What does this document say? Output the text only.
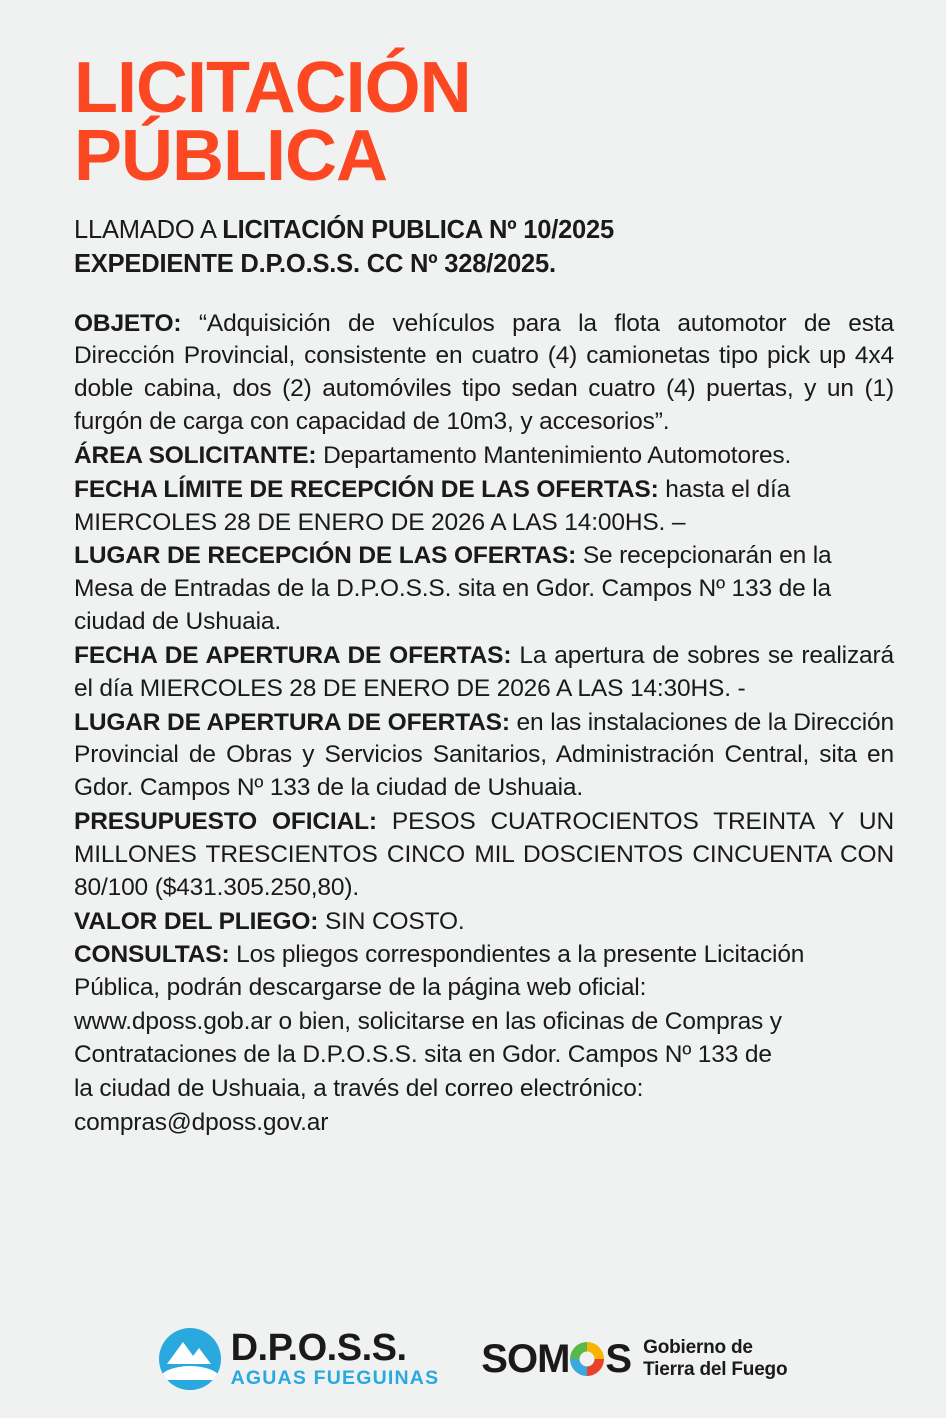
LICITACIÓN
PÚBLICA
LLAMADO A LICITACIÓN PUBLICA Nº 10/2025
EXPEDIENTE D.P.O.S.S. CC Nº 328/2025.

OBJETO: “Adquisición de vehículos para la flota automotor de esta Dirección Provincial, consistente en cuatro (4) camionetas tipo pick up 4x4 doble cabina, dos (2) automóviles tipo sedan cuatro (4) puertas, y un (1) furgón de carga con capacidad de 10m3, y accesorios”.

ÁREA SOLICITANTE: Departamento Mantenimiento Automotores.

FECHA LÍMITE DE RECEPCIÓN DE LAS OFERTAS: hasta el día MIERCOLES 28 DE ENERO DE 2026 A LAS 14:00HS. –

LUGAR DE RECEPCIÓN DE LAS OFERTAS: Se recepcionarán en la Mesa de Entradas de la D.P.O.S.S. sita en Gdor. Campos Nº 133 de la ciudad de Ushuaia.

FECHA DE APERTURA DE OFERTAS: La apertura de sobres se realizará el día MIERCOLES 28 DE ENERO DE 2026 A LAS 14:30HS. -

LUGAR DE APERTURA DE OFERTAS: en las instalaciones de la Dirección Provincial de Obras y Servicios Sanitarios, Administración Central, sita en Gdor. Campos Nº 133 de la ciudad de Ushuaia.

PRESUPUESTO OFICIAL: PESOS CUATROCIENTOS TREINTA Y UN MILLONES TRESCIENTOS CINCO MIL DOSCIENTOS CINCUENTA CON 80/100 ($431.305.250,80).

VALOR DEL PLIEGO: SIN COSTO.

CONSULTAS: Los pliegos correspondientes a la presente Licitación Pública, podrán descargarse de la página web oficial:

www.dposs.gob.ar o bien, solicitarse en las oficinas de Compras y Contrataciones de la D.P.O.S.S. sita en Gdor. Campos Nº 133 de

la ciudad de Ushuaia, a través del correo electrónico:

compras@dposs.gov.ar

D.P.O.S.S.
AGUAS FUEGUINAS SOM S Gobierno de
Tierra del Fuego
